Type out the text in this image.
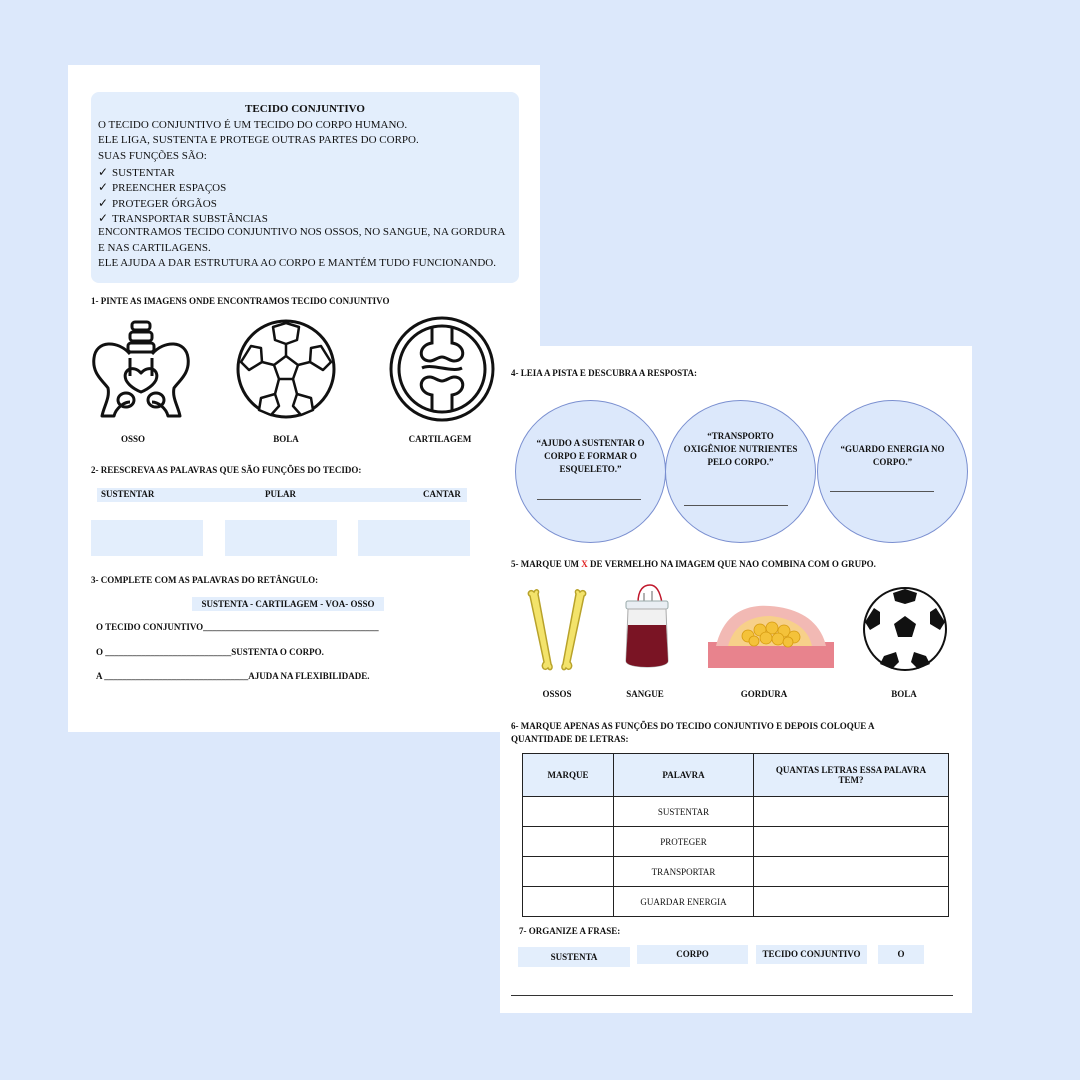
TECIDO CONJUNTIVO
O TECIDO CONJUNTIVO É UM TECIDO DO CORPO HUMANO.
ELE LIGA, SUSTENTA E PROTEGE OUTRAS PARTES DO CORPO.
SUAS FUNÇÕES SÃO:
✓ SUSTENTAR
✓ PREENCHER ESPAÇOS
✓ PROTEGER ÓRGÃOS
✓ TRANSPORTAR SUBSTÂNCIAS
ENCONTRAMOS TECIDO CONJUNTIVO NOS OSSOS, NO SANGUE, NA GORDURA
E NAS CARTILAGENS.
ELE AJUDA A DAR ESTRUTURA AO CORPO E MANTÉM TUDO FUNCIONANDO.
1- PINTE AS IMAGENS ONDE ENCONTRAMOS TECIDO CONJUNTIVO
OSSO	BOLA	CARTILAGEM
2- REESCREVA AS PALAVRAS QUE SÃO FUNÇÕES DO TECIDO:
SUSTENTAR	PULAR	CANTAR
3- COMPLETE COM AS PALAVRAS DO RETÂNGULO:
SUSTENTA - CARTILAGEM - VOA- OSSO
O TECIDO CONJUNTIVO_______________________________________
O ____________________________SUSTENTA O CORPO.
A ________________________________AJUDA NA FLEXIBILIDADE.
4- LEIA A PISTA E DESCUBRA A RESPOSTA:
“AJUDO A SUSTENTAR O CORPO E FORMAR O ESQUELETO.”
“TRANSPORTO OXIGÊNIOE NUTRIENTES PELO CORPO.”
“GUARDO ENERGIA NO CORPO.”
5- MARQUE UM X DE VERMELHO NA IMAGEM QUE NAO COMBINA COM O GRUPO.
OSSOS	SANGUE	GORDURA	BOLA
6- MARQUE APENAS AS FUNÇÕES DO TECIDO CONJUNTIVO E DEPOIS COLOQUE A
QUANTIDADE DE LETRAS:
MARQUE	PALAVRA	QUANTAS LETRAS ESSA PALAVRA TEM?
	SUSTENTAR	
	PROTEGER	
	TRANSPORTAR	
	GUARDAR ENERGIA	
7- ORGANIZE A FRASE:
SUSTENTA	CORPO	TECIDO CONJUNTIVO	O
